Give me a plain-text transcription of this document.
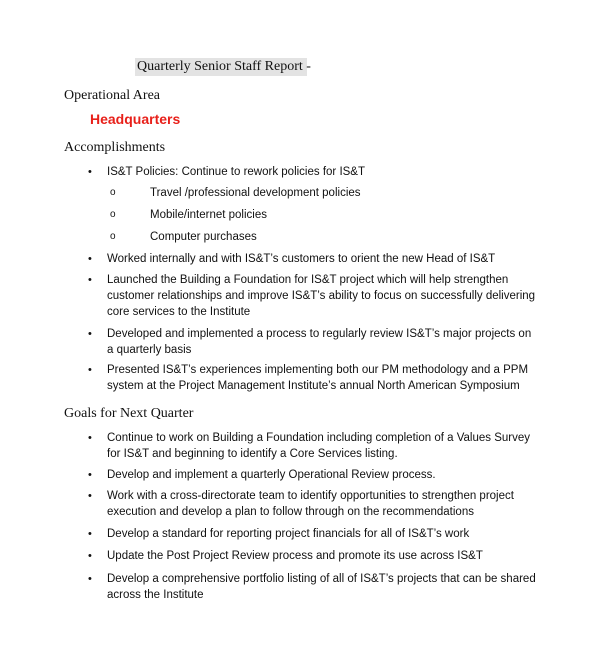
Quarterly Senior Staff Report -
Operational Area
Headquarters
Accomplishments
• IS&T Policies: Continue to rework policies for IS&T
o	Travel /professional development policies
o	Mobile/internet policies
o	Computer purchases
• Worked internally and with IS&T’s customers to orient the new Head of IS&T
• Launched the Building a Foundation for IS&T project which will help strengthen customer relationships and improve IS&T’s ability to focus on successfully delivering core services to the Institute
• Developed and implemented a process to regularly review IS&T’s major projects on a quarterly basis
• Presented IS&T’s experiences implementing both our PM methodology and a PPM system at the Project Management Institute’s annual North American Symposium
Goals for Next Quarter
• Continue to work on Building a Foundation including completion of a Values Survey for IS&T and beginning to identify a Core Services listing.
• Develop and implement a quarterly Operational Review process.
• Work with a cross-directorate team to identify opportunities to strengthen project execution and develop a plan to follow through on the recommendations
• Develop a standard for reporting project financials for all of IS&T’s work
• Update the Post Project Review process and promote its use across IS&T
• Develop a comprehensive portfolio listing of all of IS&T’s projects that can be shared across the Institute
